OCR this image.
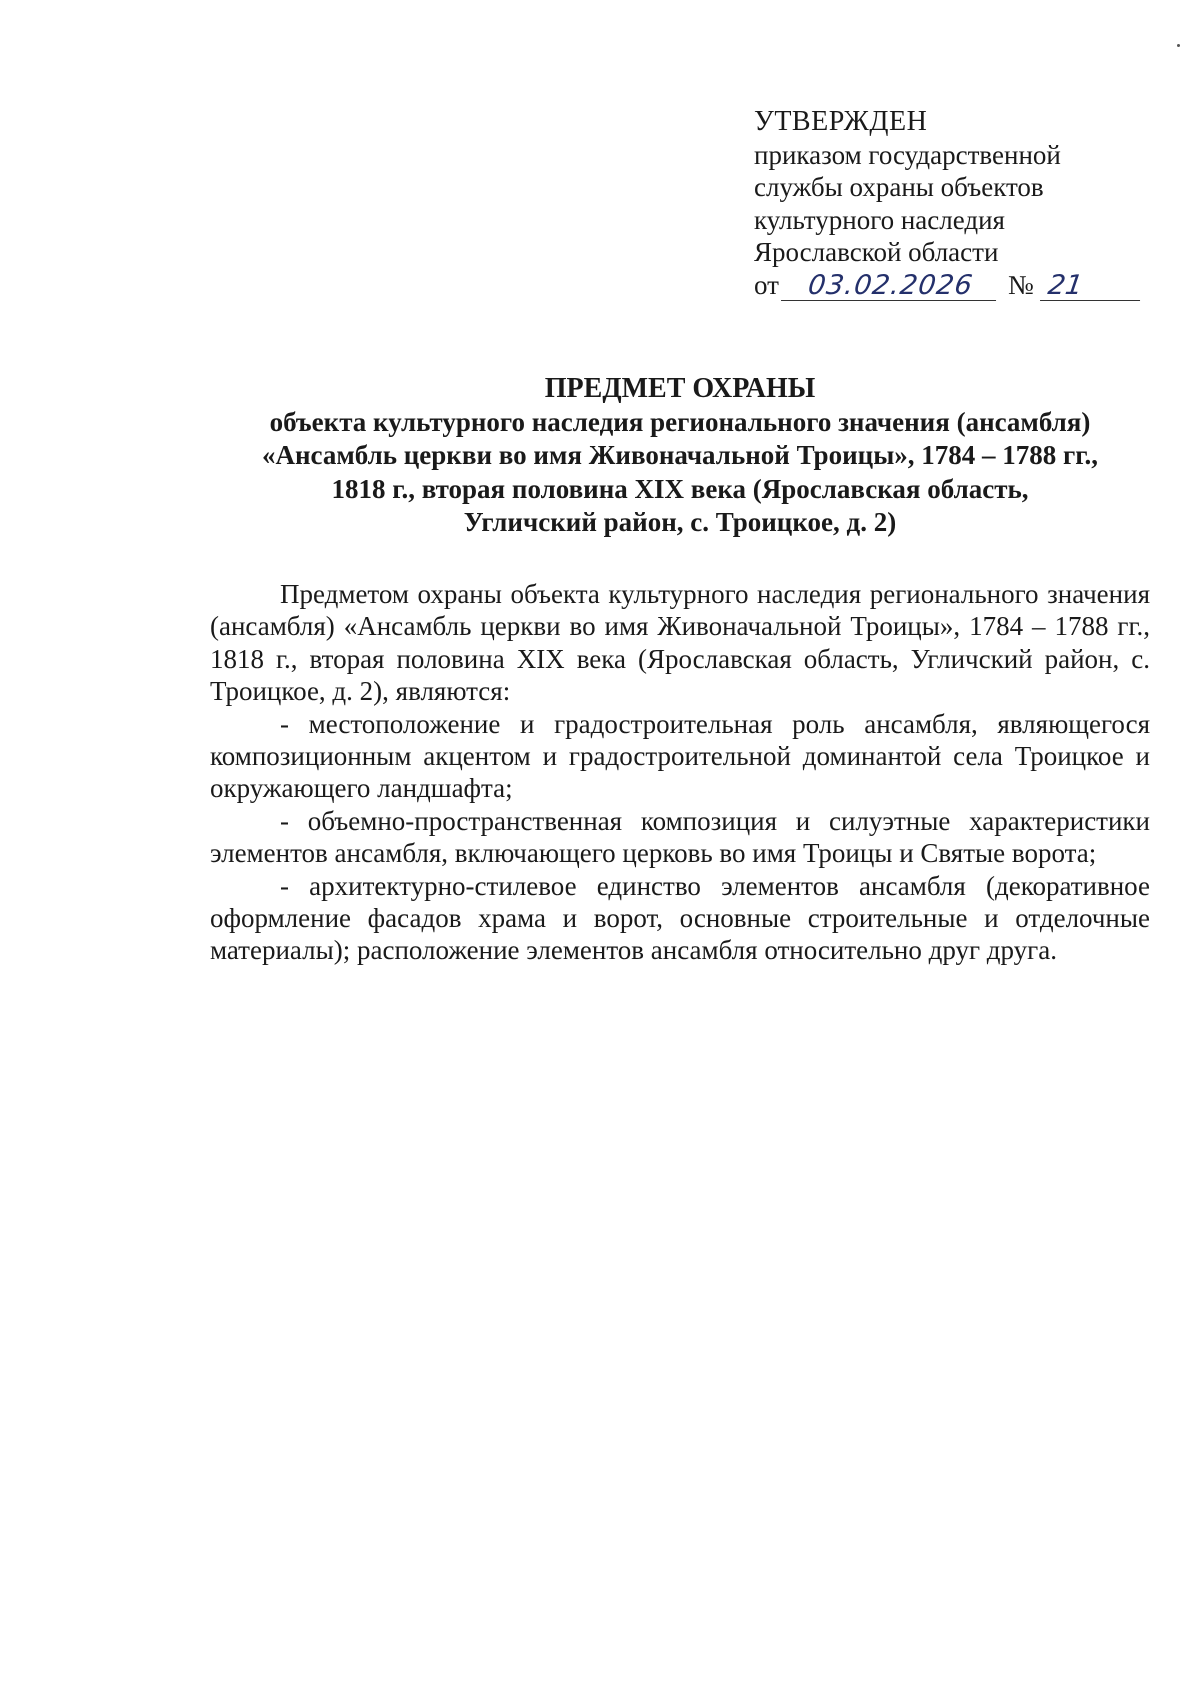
УТВЕРЖДЕН
приказом государственной
службы охраны объектов
культурного наследия
Ярославской области
от	03.02.2026	№ 21
ПРЕДМЕТ ОХРАНЫ
объекта культурного наследия регионального значения (ансамбля)
«Ансамбль церкви во имя Живоначальной Троицы», 1784 – 1788 гг.,
1818 г., вторая половина XIX века (Ярославская область,
Угличский район, с. Троицкое, д. 2)

Предметом охраны объекта культурного наследия регионального значения (ансамбля) «Ансамбль церкви во имя Живоначальной Троицы», 1784 – 1788 гг., 1818 г., вторая половина XIX века (Ярославская область, Угличский район, с. Троицкое, д. 2), являются:

- местоположение и градостроительная роль ансамбля, являющегося композиционным акцентом и градостроительной доминантой села Троицкое и окружающего ландшафта;

- объемно-пространственная композиция и силуэтные характеристики элементов ансамбля, включающего церковь во имя Троицы и Святые ворота;

- архитектурно-стилевое единство элементов ансамбля (декоративное оформление фасадов храма и ворот, основные строительные и отделочные материалы); расположение элементов ансамбля относительно друг друга.
